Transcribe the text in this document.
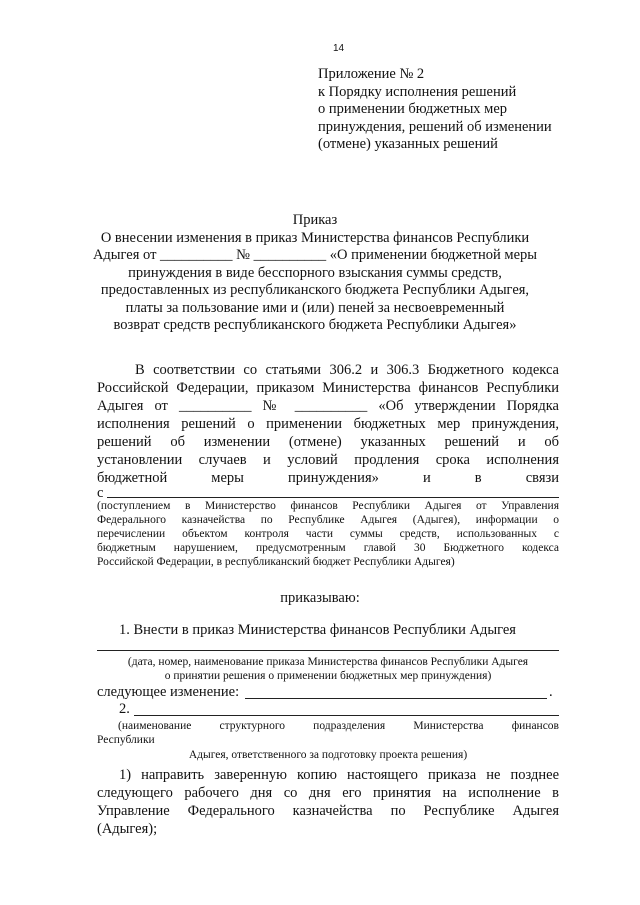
14
Приложение № 2
к Порядку исполнения решений
о применении бюджетных мер
принуждения, решений об изменении
(отмене) указанных решений
Приказ
О внесении изменения в приказ Министерства финансов Республики
Адыгея от __________ № __________ «О применении бюджетной меры
принуждения в виде бесспорного взыскания суммы средств,
предоставленных из республиканского бюджета Республики Адыгея,
платы за пользование ими и (или) пеней за несвоевременный
возврат средств республиканского бюджета Республики Адыгея»
В соответствии со статьями 306.2 и 306.3 Бюджетного кодекса
Российской Федерации, приказом Министерства финансов Республики
Адыгея от __________ № __________ «Об утверждении Порядка
исполнения решений о применении бюджетных мер принуждения,
решений об изменении (отмене) указанных решений и об
установлении случаев и условий продления срока исполнения
бюджетной меры принуждения» и в связи
с
(поступлением в Министерство финансов Республики Адыгея от Управления
Федерального казначейства по Республике Адыгея (Адыгея), информации о
перечислении объектом контроля части суммы средств, использованных с
бюджетным нарушением, предусмотренным главой 30 Бюджетного кодекса
Российской Федерации, в республиканский бюджет Республики Адыгея)
приказываю:
1. Внести в приказ Министерства финансов Республики Адыгея
(дата, номер, наименование приказа Министерства финансов Республики Адыгея
о принятии решения о применении бюджетных мер принуждения)
следующее изменение:	.
2.
(наименование структурного подразделения Министерства финансов
Республики
Адыгея, ответственного за подготовку проекта решения)
1) направить заверенную копию настоящего приказа не позднее
следующего рабочего дня со дня его принятия на исполнение в
Управление Федерального казначейства по Республике Адыгея
(Адыгея);
